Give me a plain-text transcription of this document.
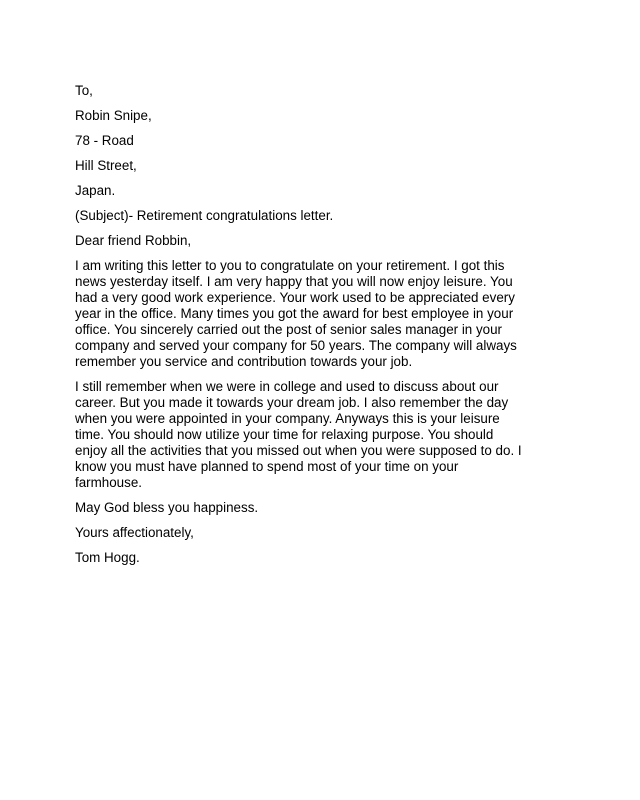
To,
Robin Snipe,
78 - Road
Hill Street,
Japan.
(Subject)- Retirement congratulations letter.
Dear friend Robbin,
I am writing this letter to you to congratulate on your retirement. I got this
news yesterday itself. I am very happy that you will now enjoy leisure. You
had a very good work experience. Your work used to be appreciated every
year in the office. Many times you got the award for best employee in your
office. You sincerely carried out the post of senior sales manager in your
company and served your company for 50 years. The company will always
remember you service and contribution towards your job.
I still remember when we were in college and used to discuss about our
career. But you made it towards your dream job. I also remember the day
when you were appointed in your company. Anyways this is your leisure
time. You should now utilize your time for relaxing purpose. You should
enjoy all the activities that you missed out when you were supposed to do. I
know you must have planned to spend most of your time on your
farmhouse.
May God bless you happiness.
Yours affectionately,
Tom Hogg.
